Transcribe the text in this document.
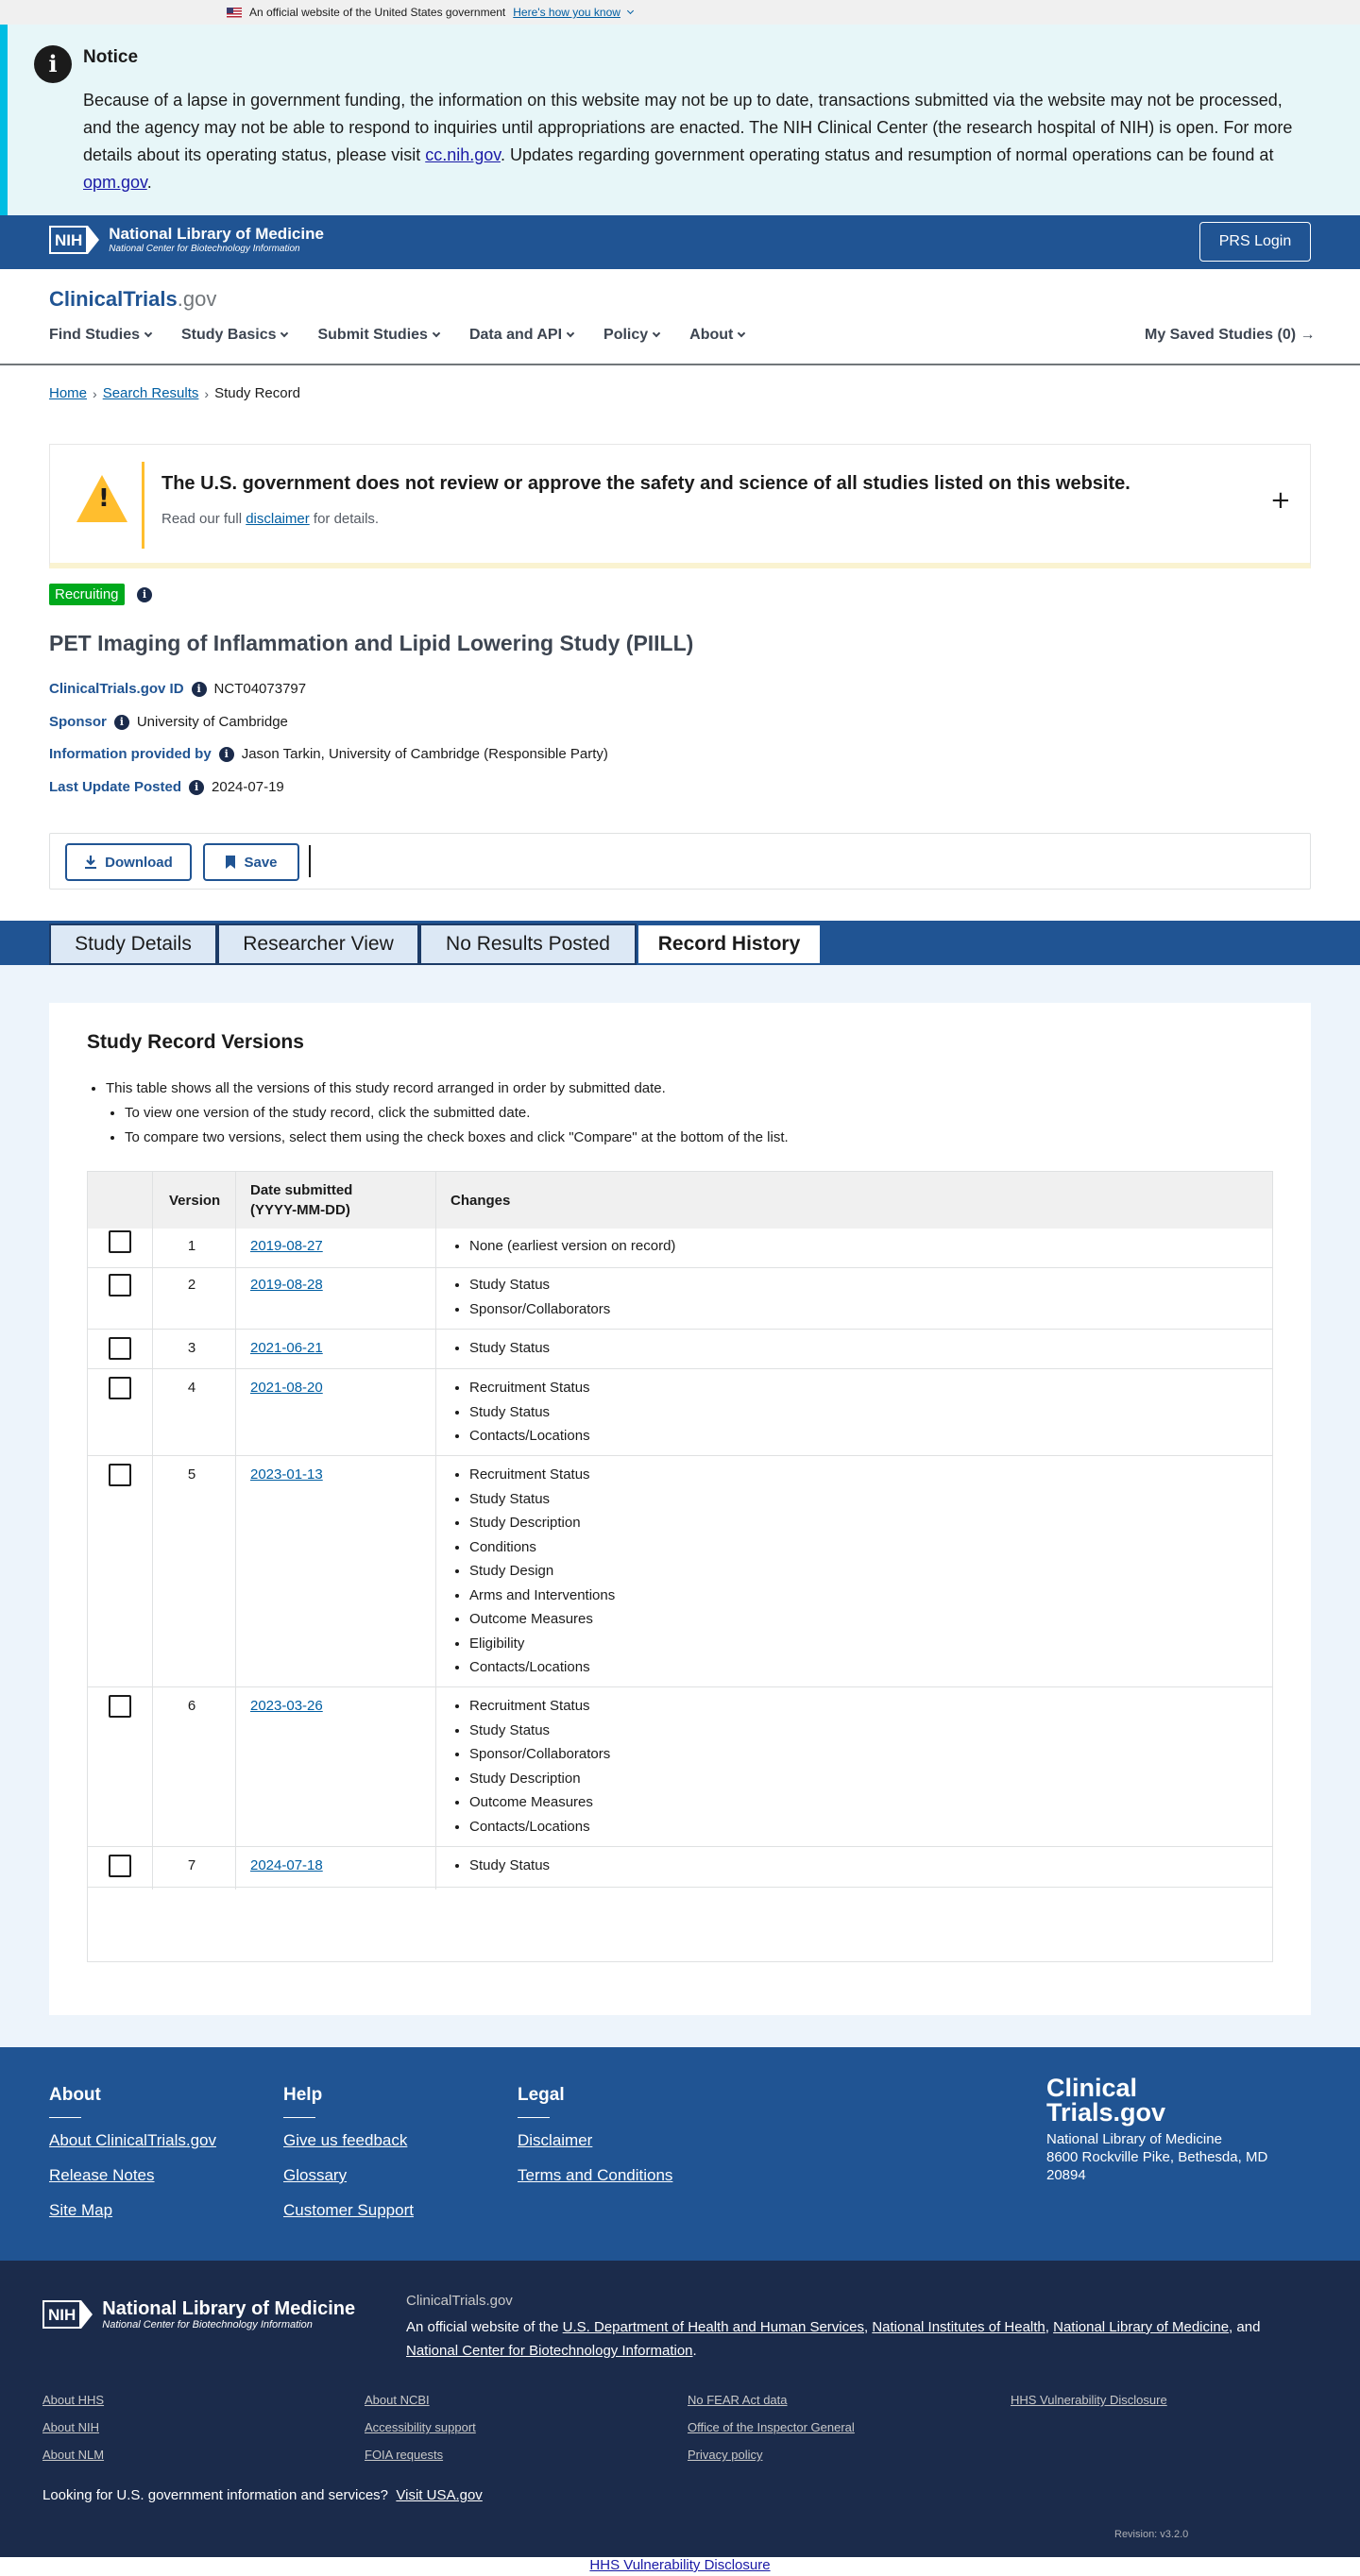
An official website of the United States government Here's how you know
i	Notice

Because of a lapse in government funding, the information on this website may not be up to date, transactions submitted via the website may not be processed, and the agency may not be able to respond to inquiries until appropriations are enacted. The NIH Clinical Center (the research hospital of NIH) is open. For more details about its operating status, please visit cc.nih.gov. Updates regarding government operating status and resumption of normal operations can be found at opm.gov.

NIH	National Library of Medicine
National Center for Biotechnology Information	PRS Login
ClinicalTrials.gov
Find Studies	Study Basics	Submit Studies	Data and API	Policy	About	My Saved Studies (0) →
Home › Search Results › Study Record
!
The U.S. government does not review or approve the safety and science of all studies listed on this website.
Read our full disclaimer for details.
+
Recruiting	i
PET Imaging of Inflammation and Lipid Lowering Study (PIILL)
ClinicalTrials.gov ID	i NCT04073797
Sponsor	i University of Cambridge
Information provided by	i Jason Tarkin, University of Cambridge (Responsible Party)
Last Update Posted	i 2024-07-19
Download	Save
Study Details	Researcher View	No Results Posted	Record History
Study Record Versions
• This table shows all the versions of this study record arranged in order by submitted date.
• To view one version of the study record, click the submitted date.
• To compare two versions, select them using the check boxes and click "Compare" at the bottom of the list.
Version
Date submitted
(YYYY-MM-DD)
Changes
1	2019-08-27	• None (earliest version on record)
2	2019-08-28	• Study Status
• Sponsor/Collaborators
3	2021-06-21	• Study Status
4	2021-08-20	• Recruitment Status
• Study Status
• Contacts/Locations
5	2023-01-13	• Recruitment Status
• Study Status
• Study Description
• Conditions
• Study Design
• Arms and Interventions
• Outcome Measures
• Eligibility
• Contacts/Locations
6	2023-03-26	• Recruitment Status
• Study Status
• Sponsor/Collaborators
• Study Description
• Outcome Measures
• Contacts/Locations
7	2024-07-18	• Study Status
About
About ClinicalTrials.gov
Release Notes
Site Map
Help
Give us feedback
Glossary
Customer Support
Legal
Disclaimer
Terms and Conditions
Clinical
Trials.gov
National Library of Medicine
8600 Rockville Pike, Bethesda, MD
20894
NIH	National Library of Medicine
National Center for Biotechnology Information
ClinicalTrials.gov
An official website of the U.S. Department of Health and Human Services, National Institutes of Health, National Library of Medicine, and National Center for Biotechnology Information.
About HHS
About NIH
About NLM
About NCBI
Accessibility support
FOIA requests
No FEAR Act data
Office of the Inspector General
Privacy policy
HHS Vulnerability Disclosure
Looking for U.S. government information and services? Visit USA.gov
Revision: v3.2.0
HHS Vulnerability Disclosure
